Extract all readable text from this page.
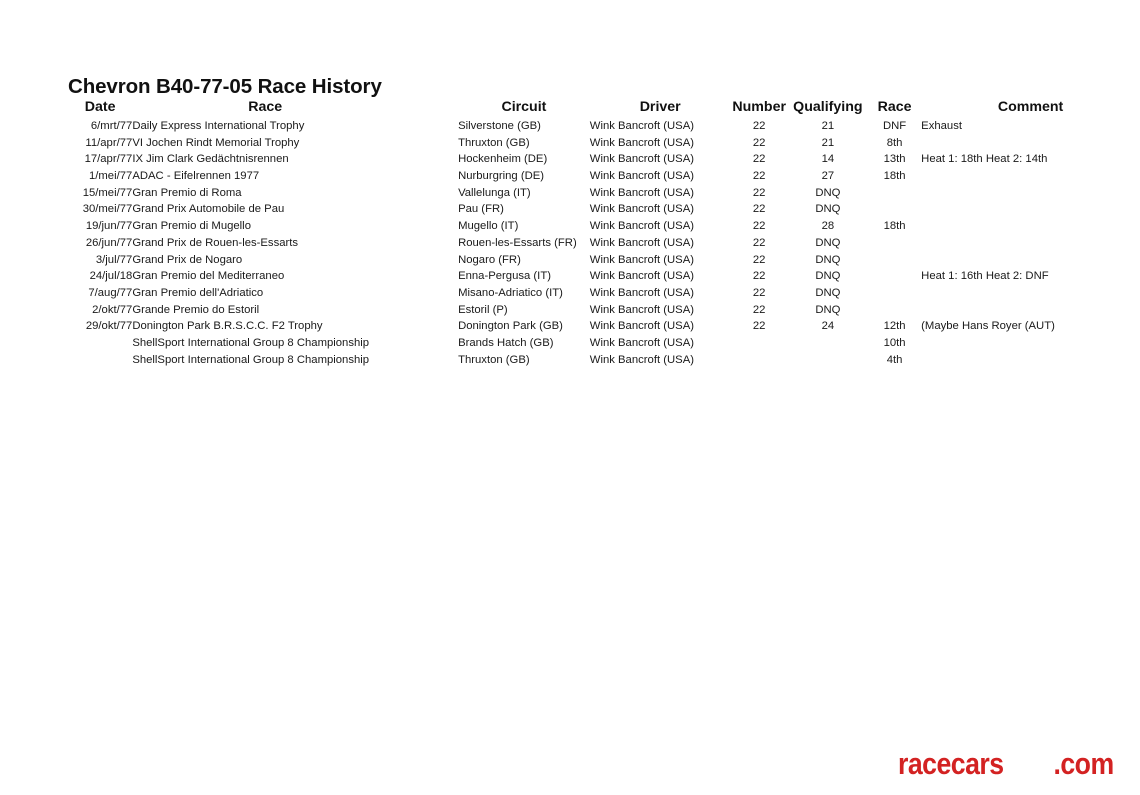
Chevron B40-77-05 Race History
Date	Race	Circuit	Driver	Number	Qualifying	Race	Comment
6/mrt/77	Daily Express International Trophy	Silverstone (GB)	Wink Bancroft (USA)	22	21	DNF	Exhaust
11/apr/77	VI Jochen Rindt Memorial Trophy	Thruxton (GB)	Wink Bancroft (USA)	22	21	8th	
17/apr/77	IX Jim Clark Gedächtnisrennen	Hockenheim (DE)	Wink Bancroft (USA)	22	14	13th	Heat 1: 18th Heat 2: 14th
1/mei/77	ADAC - Eifelrennen 1977	Nurburgring (DE)	Wink Bancroft (USA)	22	27	18th	
15/mei/77	Gran Premio di Roma	Vallelunga (IT)	Wink Bancroft (USA)	22	DNQ		
30/mei/77	Grand Prix Automobile de Pau	Pau (FR)	Wink Bancroft (USA)	22	DNQ		
19/jun/77	Gran Premio di Mugello	Mugello (IT)	Wink Bancroft (USA)	22	28	18th	
26/jun/77	Grand Prix de Rouen-les-Essarts	Rouen-les-Essarts (FR)	Wink Bancroft (USA)	22	DNQ		
3/jul/77	Grand Prix de Nogaro	Nogaro (FR)	Wink Bancroft (USA)	22	DNQ		
24/jul/18	Gran Premio del Mediterraneo	Enna-Pergusa (IT)	Wink Bancroft (USA)	22	DNQ		Heat 1: 16th Heat 2: DNF
7/aug/77	Gran Premio dell'Adriatico	Misano-Adriatico (IT)	Wink Bancroft (USA)	22	DNQ		
2/okt/77	Grande Premio do Estoril	Estoril (P)	Wink Bancroft (USA)	22	DNQ		
29/okt/77	Donington Park B.R.S.C.C. F2 Trophy	Donington Park (GB)	Wink Bancroft (USA)	22	24	12th	(Maybe Hans Royer (AUT)
	ShellSport International Group 8 Championship	Brands Hatch (GB)	Wink Bancroft (USA)			10th	
	ShellSport International Group 8 Championship	Thruxton (GB)	Wink Bancroft (USA)			4th	
racecars .com
